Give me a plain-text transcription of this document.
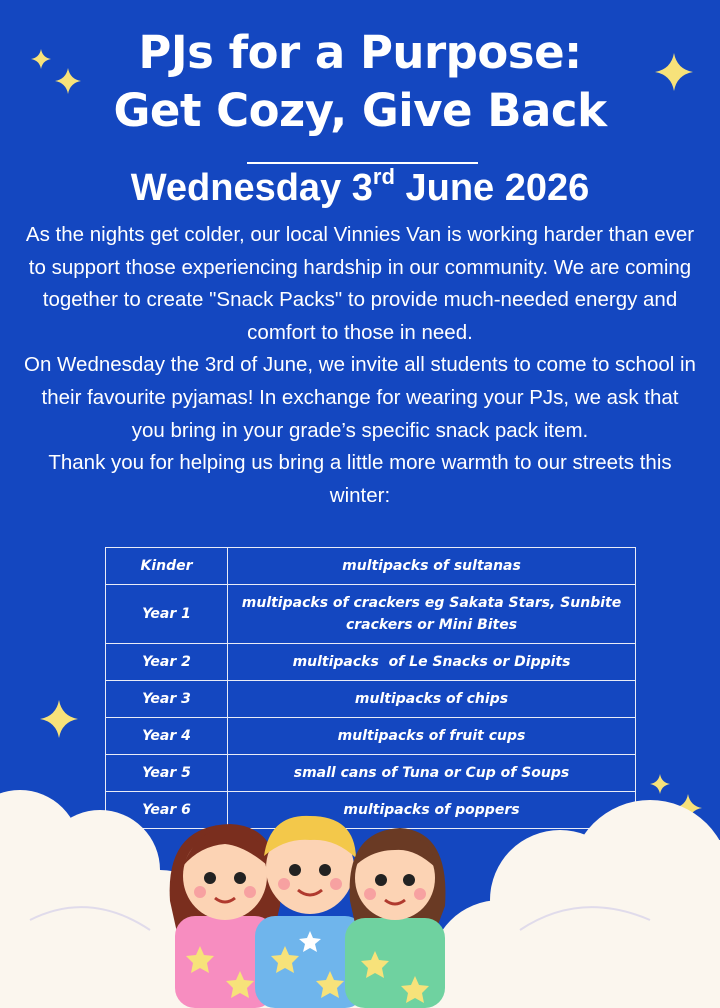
PJs for a Purpose:
Get Cozy, Give Back
Wednesday 3rd June 2026

As the nights get colder, our local Vinnies Van is working harder than ever to support those experiencing hardship in our community. We are coming together to create "Snack Packs" to provide much-needed energy and comfort to those in need.

On Wednesday the 3rd of June, we invite all students to come to school in their favourite pyjamas! In exchange for wearing your PJs, we ask that you bring in your grade’s specific snack pack item.

Thank you for helping us bring a little more warmth to our streets this winter:

Kinder	multipacks of sultanas
Year 1	multipacks of crackers eg Sakata Stars, Sunbite crackers or Mini Bites
Year 2	multipacks  of Le Snacks or Dippits
Year 3	multipacks of chips
Year 4	multipacks of fruit cups
Year 5	small cans of Tuna or Cup of Soups
Year 6	multipacks of poppers
